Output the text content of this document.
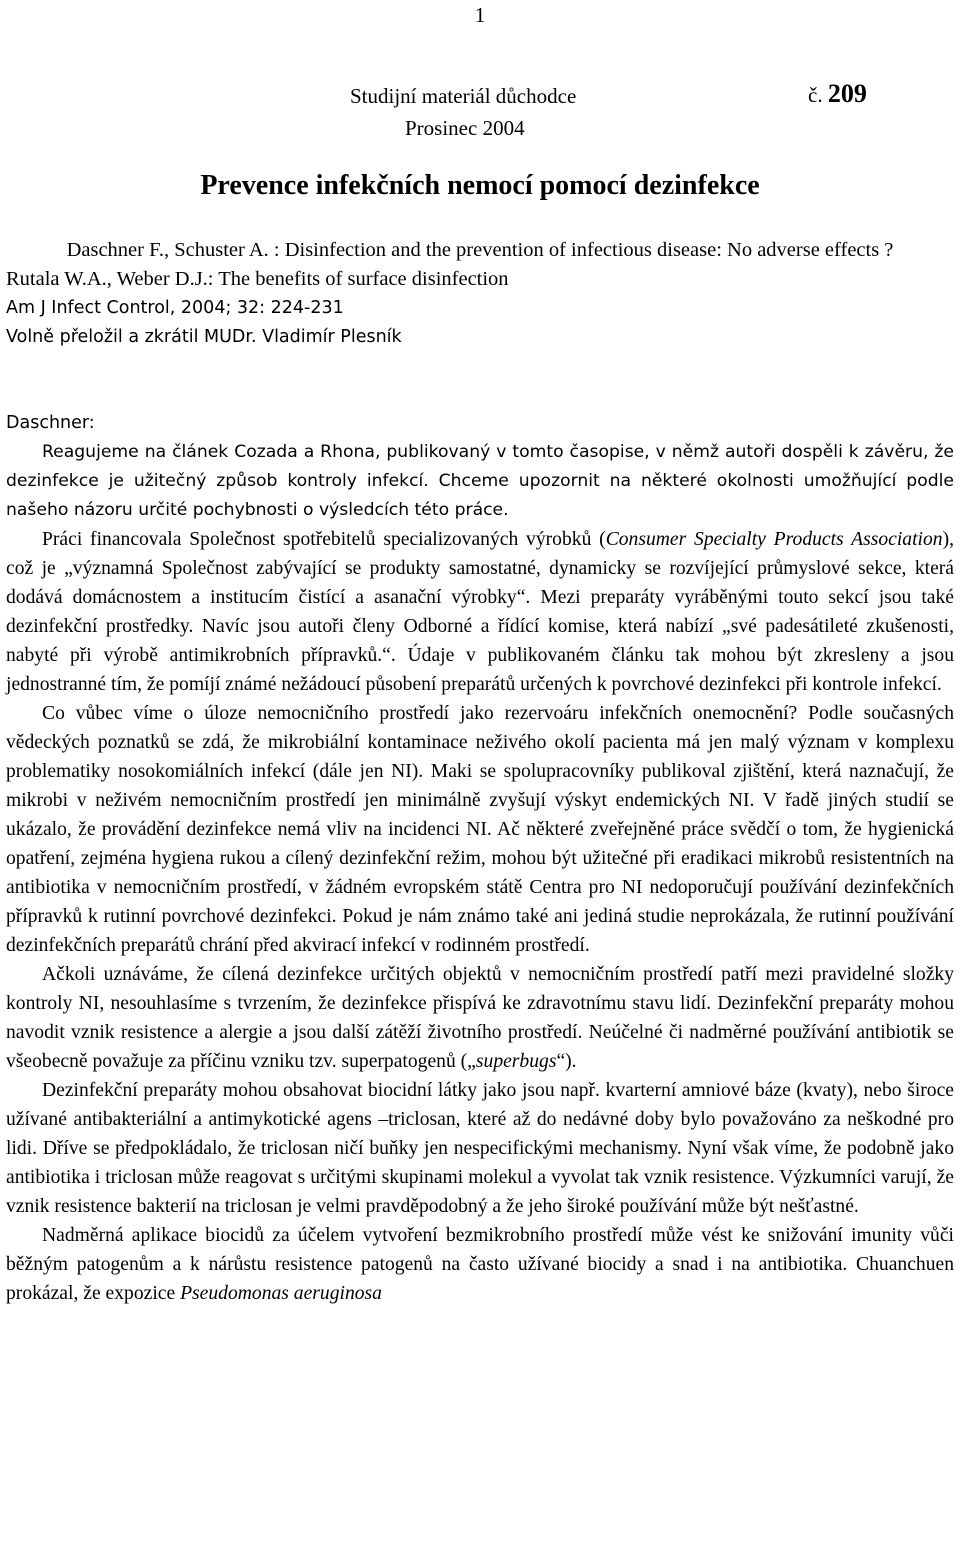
1
Studijní materiál důchodce	č. 209
Prosinec 2004
Prevence infekčních nemocí pomocí dezinfekce
Daschner F., Schuster A. : Disinfection and the prevention of infectious disease: No adverse effects ?
Rutala W.A., Weber D.J.: The benefits of surface disinfection
Am J Infect Control, 2004; 32: 224-231
Volně přeložil a zkrátil MUDr. Vladimír Plesník
Daschner:

Reagujeme na článek Cozada a Rhona, publikovaný v tomto časopise, v němž autoři dospěli k závěru, že dezinfekce je užitečný způsob kontroly infekcí. Chceme upozornit na některé okolnosti umožňující podle našeho názoru určité pochybnosti o výsledcích této práce.

Práci financovala Společnost spotřebitelů specializovaných výrobků (Consumer Specialty Products Association), což je „významná Společnost zabývající se produkty samostatné, dynamicky se rozvíjející průmyslové sekce, která dodává domácnostem a institucím čistící a asanační výrobky“. Mezi preparáty vyráběnými touto sekcí jsou také dezinfekční prostředky. Navíc jsou autoři členy Odborné a řídící komise, která nabízí „své padesátileté zkušenosti, nabyté při výrobě antimikrobních přípravků.“. Údaje v publikovaném článku tak mohou být zkresleny a jsou jednostranné tím, že pomíjí známé nežádoucí působení preparátů určených k povrchové dezinfekci při kontrole infekcí.

Co vůbec víme o úloze nemocničního prostředí jako rezervoáru infekčních onemocnění? Podle současných vědeckých poznatků se zdá, že mikrobiální kontaminace neživého okolí pacienta má jen malý význam v komplexu problematiky nosokomiálních infekcí (dále jen NI). Maki se spolupracovníky publikoval zjištění, která naznačují, že mikrobi v neživém nemocničním prostředí jen minimálně zvyšují výskyt endemických NI. V řadě jiných studií se ukázalo, že provádění dezinfekce nemá vliv na incidenci NI. Ač některé zveřejněné práce svědčí o tom, že hygienická opatření, zejména hygiena rukou a cílený dezinfekční režim, mohou být užitečné při eradikaci mikrobů resistentních na antibiotika v nemocničním prostředí, v žádném evropském státě Centra pro NI nedoporučují používání dezinfekčních přípravků k rutinní povrchové dezinfekci. Pokud je nám známo také ani jediná studie neprokázala, že rutinní používání dezinfekčních preparátů chrání před akvirací infekcí v rodinném prostředí.

Ačkoli uznáváme, že cílená dezinfekce určitých objektů v nemocničním prostředí patří mezi pravidelné složky kontroly NI, nesouhlasíme s tvrzením, že dezinfekce přispívá ke zdravotnímu stavu lidí. Dezinfekční preparáty mohou navodit vznik resistence a alergie a jsou další zátěží životního prostředí. Neúčelné či nadměrné používání antibiotik se všeobecně považuje za příčinu vzniku tzv. superpatogenů („superbugs“).

Dezinfekční preparáty mohou obsahovat biocidní látky jako jsou např. kvarterní amniové báze (kvaty), nebo široce užívané antibakteriální a antimykotické agens –triclosan, které až do nedávné doby bylo považováno za neškodné pro lidi. Dříve se předpokládalo, že triclosan ničí buňky jen nespecifickými mechanismy. Nyní však víme, že podobně jako antibiotika i triclosan může reagovat s určitými skupinami molekul a vyvolat tak vznik resistence. Výzkumníci varují, že vznik resistence bakterií na triclosan je velmi pravděpodobný a že jeho široké používání může být nešťastné.

Nadměrná aplikace biocidů za účelem vytvoření bezmikrobního prostředí může vést ke snižování imunity vůči běžným patogenům a k nárůstu resistence patogenů na často užívané biocidy a snad i na antibiotika. Chuanchuen prokázal, že expozice Pseudomonas aeruginosa
